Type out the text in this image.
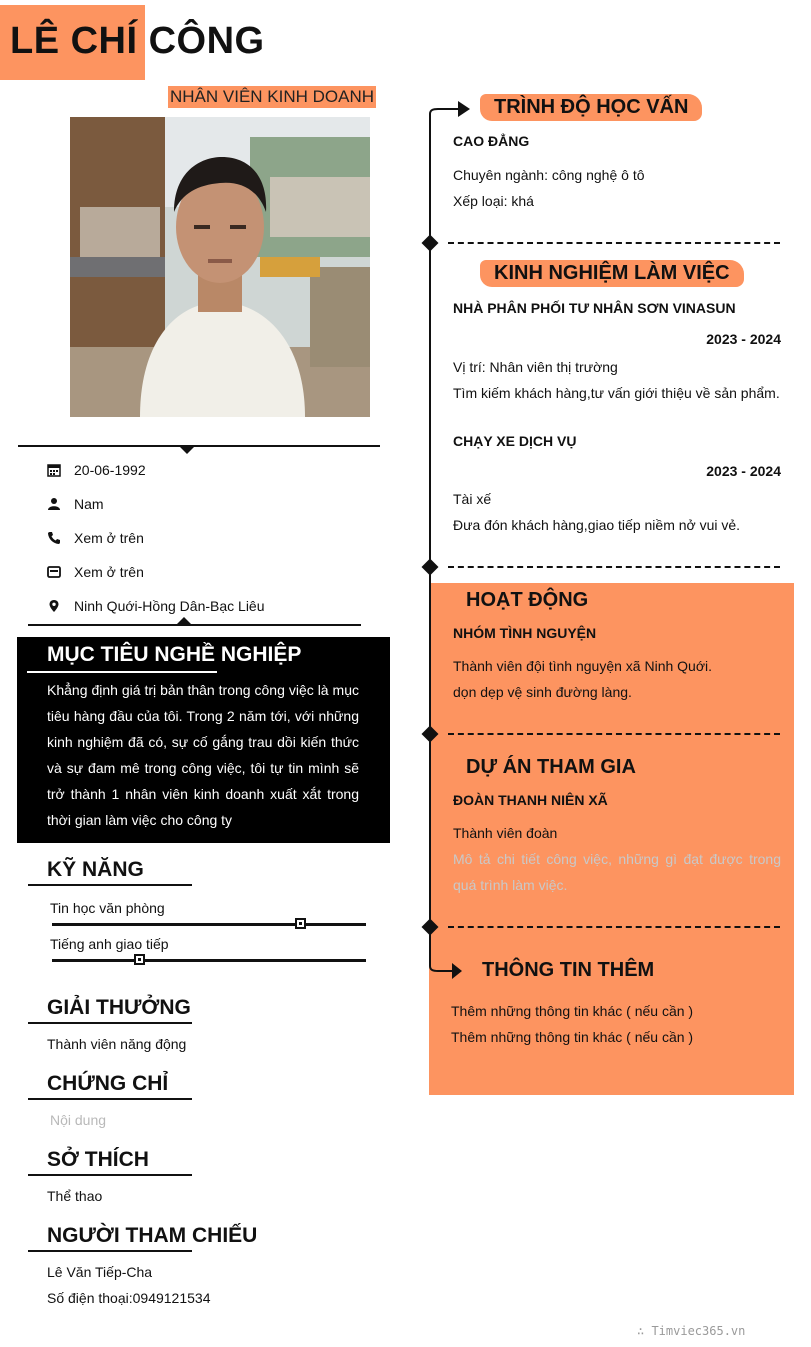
LÊ CHÍ CÔNG
NHÂN VIÊN KINH DOANH
20-06-1992
Nam
Xem ở trên
Xem ở trên
Ninh Quới-Hồng Dân-Bạc Liêu
MỤC TIÊU NGHỀ NGHIỆP
Khẳng định giá trị bản thân trong công việc là mục tiêu hàng đầu của tôi. Trong 2 năm tới, với những kinh nghiệm đã có, sự cố gắng trau dồi kiến thức và sự đam mê trong công việc, tôi tự tin mình sẽ trở thành 1 nhân viên kinh doanh xuất xắt trong thời gian làm việc cho công ty
KỸ NĂNG
Tin học văn phòng
Tiếng anh giao tiếp
GIẢI THƯỞNG
Thành viên năng động
CHỨNG CHỈ
Nội dung
SỞ THÍCH
Thể thao
NGƯỜI THAM CHIẾU
Lê Văn Tiếp-Cha
Số điện thoại:0949121534
TRÌNH ĐỘ HỌC VẤN
CAO ĐẲNG
Chuyên ngành: công nghệ ô tô
Xếp loại: khá
KINH NGHIỆM LÀM VIỆC
NHÀ PHÂN PHỐI TƯ NHÂN SƠN VINASUN
2023 - 2024
Vị trí: Nhân viên thị trường
Tìm kiếm khách hàng,tư vấn giới thiệu về sản phẩm.
CHẠY XE DỊCH VỤ
2023 - 2024
Tài xế
Đưa đón khách hàng,giao tiếp niềm nở vui vẻ.
HOẠT ĐỘNG
NHÓM TÌNH NGUYỆN
Thành viên đội tình nguyện xã Ninh Quới.
dọn dẹp vệ sinh đường làng.
DỰ ÁN THAM GIA
ĐOÀN THANH NIÊN XÃ
Thành viên đoàn
Mô tả chi tiết công việc, những gì đạt được trong quá trình làm việc.
THÔNG TIN THÊM
Thêm những thông tin khác ( nếu cần )
Thêm những thông tin khác ( nếu cần )
∴ Timviec365.vn
